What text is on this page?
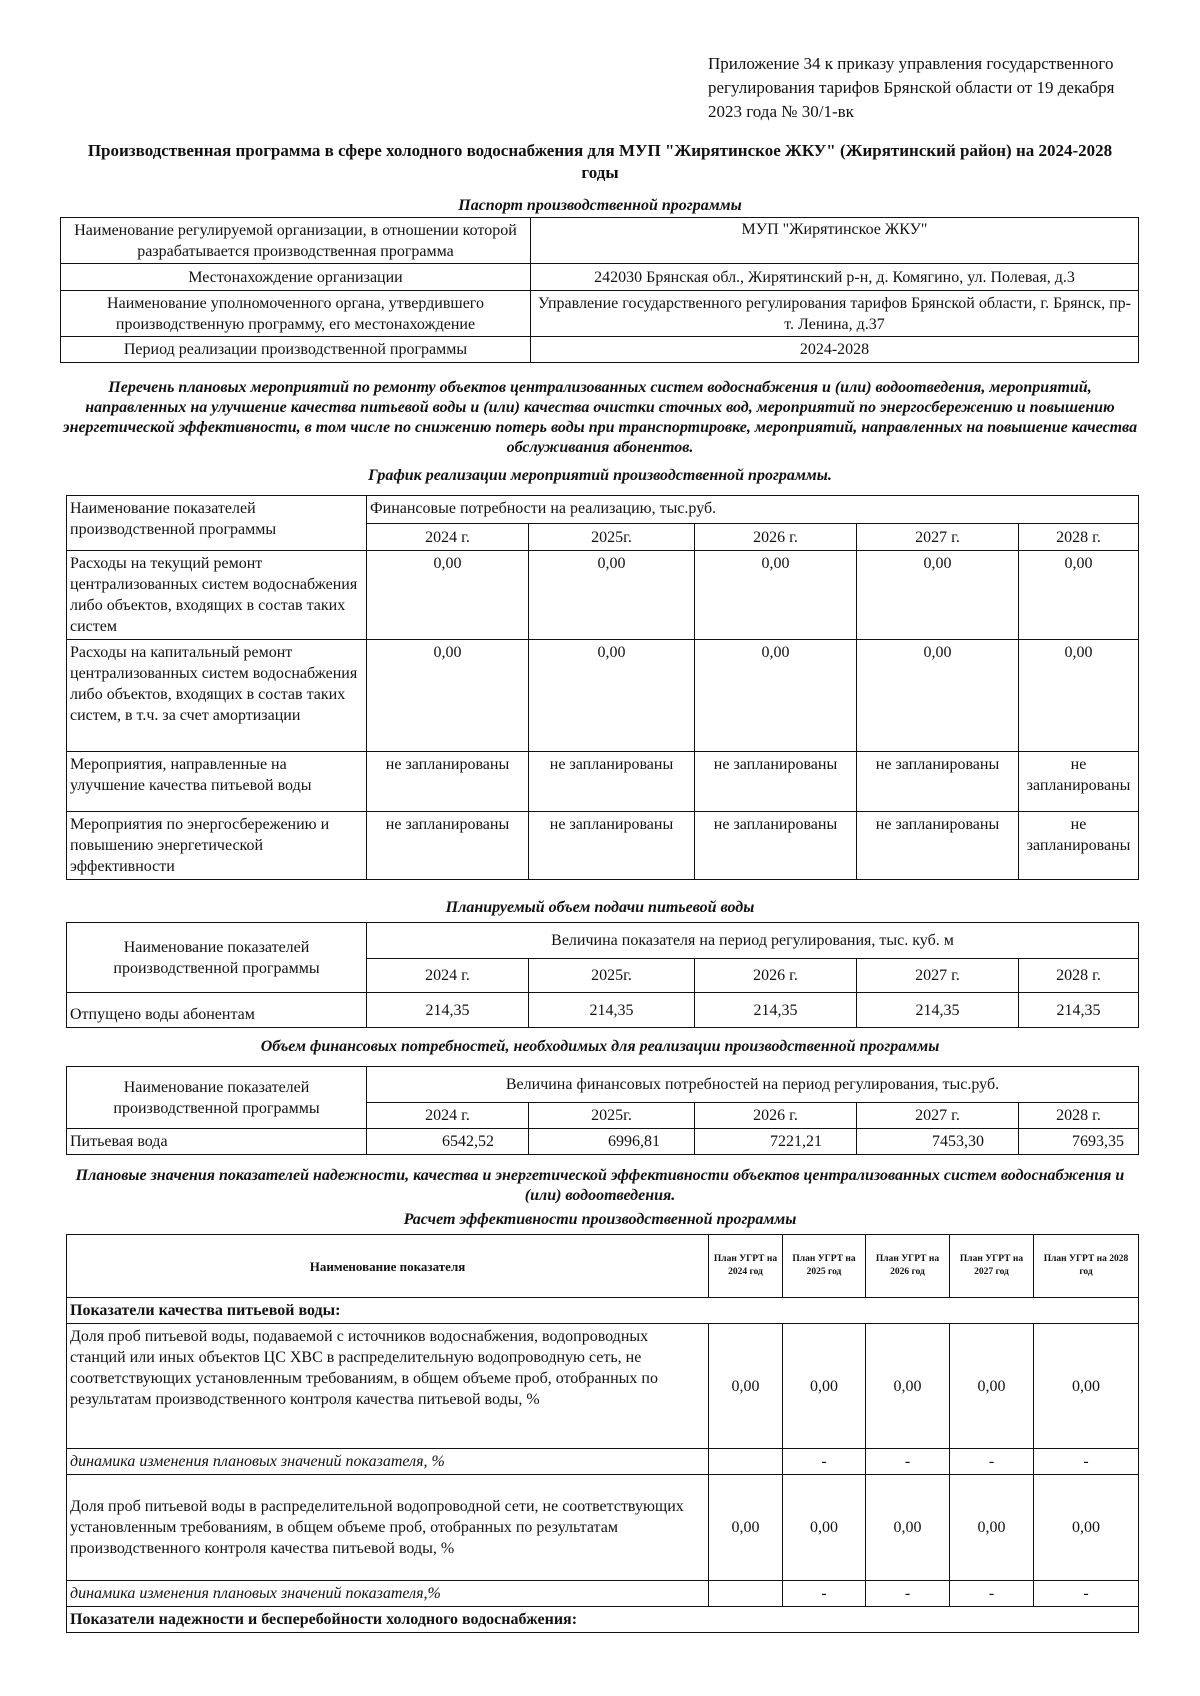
Приложение 34 к приказу управления государственного регулирования тарифов Брянской области от 19 декабря 2023 года № 30/1-вк
Производственная программа в сфере холодного водоснабжения для МУП "Жирятинское ЖКУ" (Жирятинский район) на 2024-2028 годы
Паспорт производственной программы
Наименование регулируемой организации, в отношении которой разрабатывается производственная программа	МУП "Жирятинское ЖКУ"
Местонахождение организации	242030 Брянская обл., Жирятинский р-н, д. Комягино, ул. Полевая, д.3
Наименование уполномоченного органа, утвердившего производственную программу, его местонахождение	Управление государственного регулирования тарифов Брянской области, г. Брянск, пр-т. Ленина, д.37
Период реализации производственной программы	2024-2028
Перечень плановых мероприятий по ремонту объектов централизованных систем водоснабжения и (или) водоотведения, мероприятий, направленных на улучшение качества питьевой воды и (или) качества очистки сточных вод, мероприятий по энергосбережению и повышению энергетической эффективности, в том числе по снижению потерь воды при транспортировке, мероприятий, направленных на повышение качества обслуживания абонентов.
График реализации мероприятий производственной программы.
Наименование показателей производственной программы	Финансовые потребности на реализацию, тыс.руб.				
	2024 г.	2025г.	2026 г.	2027 г.	2028 г.
Расходы на текущий ремонт централизованных систем водоснабжения либо объектов, входящих в состав таких систем	0,00	0,00	0,00	0,00	0,00
Расходы на капитальный ремонт централизованных систем водоснабжения либо объектов, входящих в состав таких систем, в т.ч. за счет амортизации	0,00	0,00	0,00	0,00	0,00
Мероприятия, направленные на улучшение качества питьевой воды	не запланированы	не запланированы	не запланированы	не запланированы	не запланированы
Мероприятия по энергосбережению и повышению энергетической эффективности	не запланированы	не запланированы	не запланированы	не запланированы	не запланированы
Планируемый объем подачи питьевой воды
Наименование показателей производственной программы	Величина показателя на период регулирования, тыс. куб. м				
	2024 г.	2025г.	2026 г.	2027 г.	2028 г.
Отпущено воды абонентам	214,35	214,35	214,35	214,35	214,35
Объем финансовых потребностей, необходимых для реализации производственной программы
Наименование показателей производственной программы	Величина финансовых потребностей на период регулирования, тыс.руб.				
	2024 г.	2025г.	2026 г.	2027 г.	2028 г.
Питьевая вода	6542,52	6996,81	7221,21	7453,30	7693,35
Плановые значения показателей надежности, качества и энергетической эффективности объектов централизованных систем водоснабжения и (или) водоотведения.
Расчет эффективности производственной программы
Наименование показателя	План УГРТ на 2024 год	План УГРТ на 2025 год	План УГРТ на 2026 год	План УГРТ на 2027 год	План УГРТ на 2028 год
Показатели качества питьевой воды:					
Доля проб питьевой воды, подаваемой с источников водоснабжения, водопроводных станций или иных объектов ЦС ХВС в распределительную водопроводную сеть, не соответствующих установленным требованиям, в общем объеме проб, отобранных по результатам производственного контроля качества питьевой воды, %	0,00	0,00	0,00	0,00	0,00
динамика изменения плановых значений показателя, %		-	-	-	-
Доля проб питьевой воды в распределительной водопроводной сети, не соответствующих установленным требованиям, в общем объеме проб, отобранных по результатам производственного контроля качества питьевой воды, %	0,00	0,00	0,00	0,00	0,00
динамика изменения плановых значений показателя,%		-	-	-	-
Показатели надежности и бесперебойности холодного водоснабжения:					
